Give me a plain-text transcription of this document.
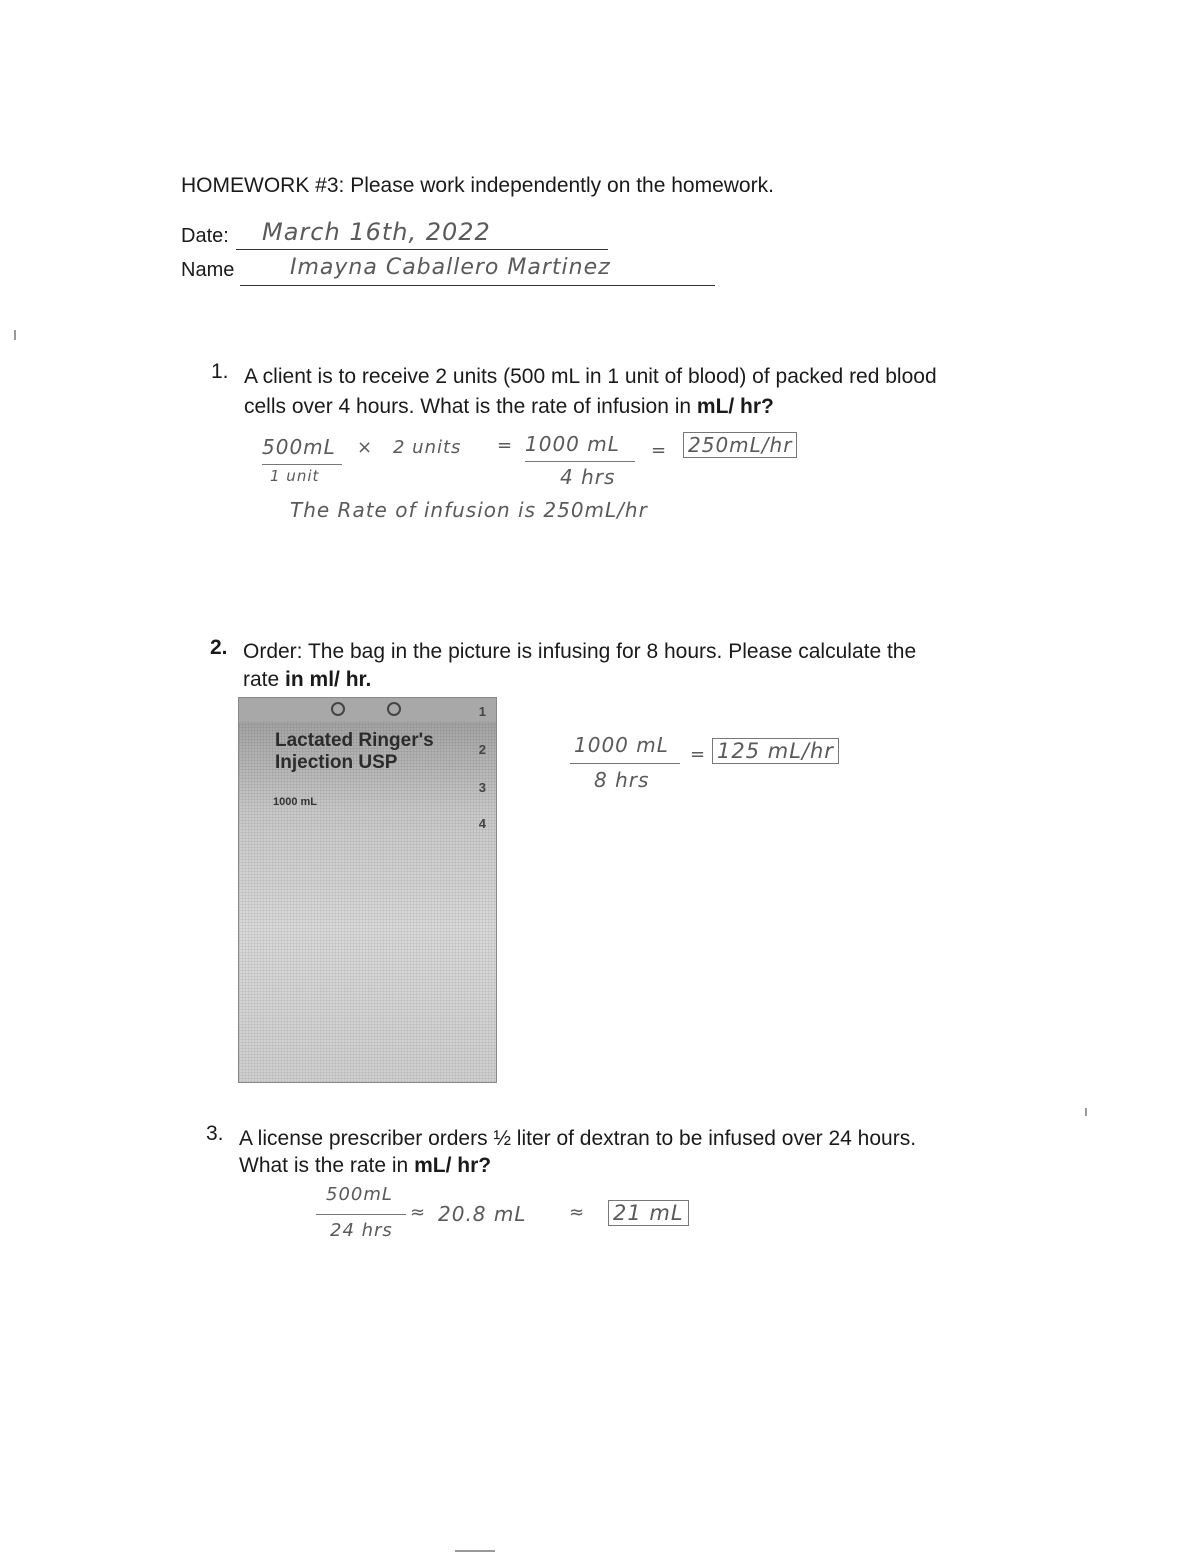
HOMEWORK #3: Please work independently on the homework.
Date: March 16th, 2022
Name	Imayna Caballero Martinez
1. A client is to receive 2 units (500 mL in 1 unit of blood) of packed red blood
cells over 4 hours. What is the rate of infusion in mL/ hr?
500mL
1 unit
× 2 units = 1000 mL
4 hrs
= 250mL/hr
The Rate of infusion is 250mL/hr
2. Order: The bag in the picture is infusing for 8 hours. Please calculate the
rate in ml/ hr.
Lactated Ringer's
Injection USP
1000 mL
1
2
3
4
1000 mL
8 hrs
= 125 mL/hr
3. A license prescriber orders ½ liter of dextran to be infused over 24 hours.
What is the rate in mL/ hr?
500mL
24 hrs
≈ 20.8 mL ≈ 21 mL
